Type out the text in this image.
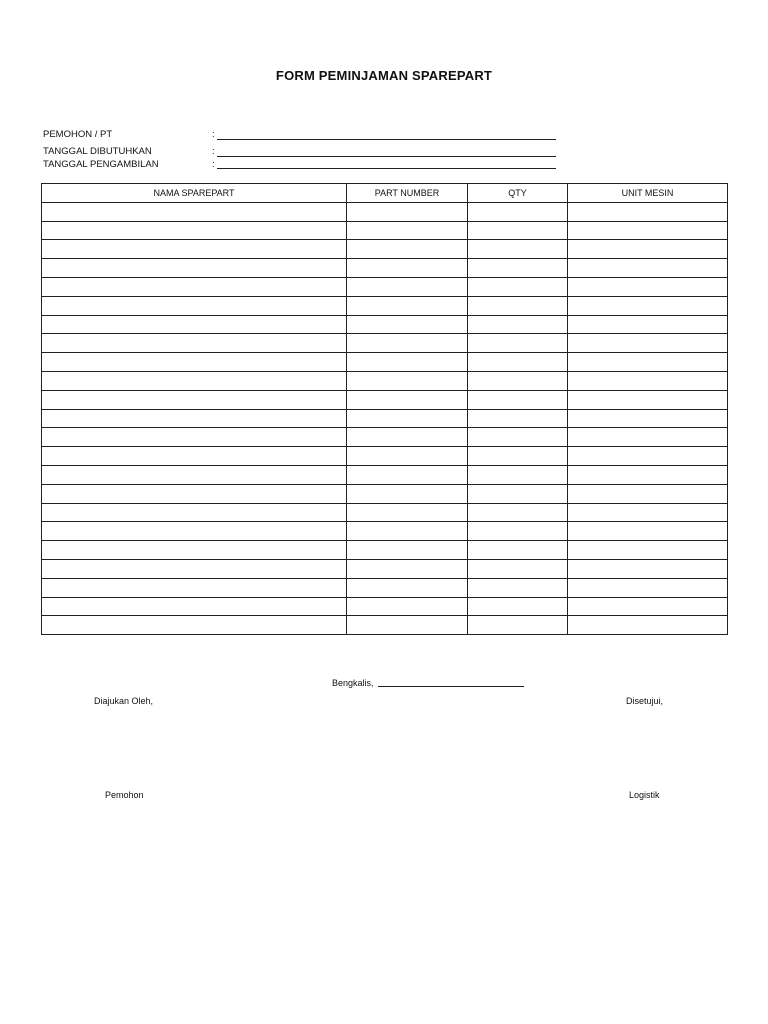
FORM PEMINJAMAN SPAREPART
PEMOHON / PT	:
TANGGAL DIBUTUHKAN	:
TANGGAL PENGAMBILAN	:
NAMA SPAREPART	PART NUMBER	QTY	UNIT MESIN

Bengkalis,
Diajukan Oleh,	Disetujui,
Pemohon	Logistik
